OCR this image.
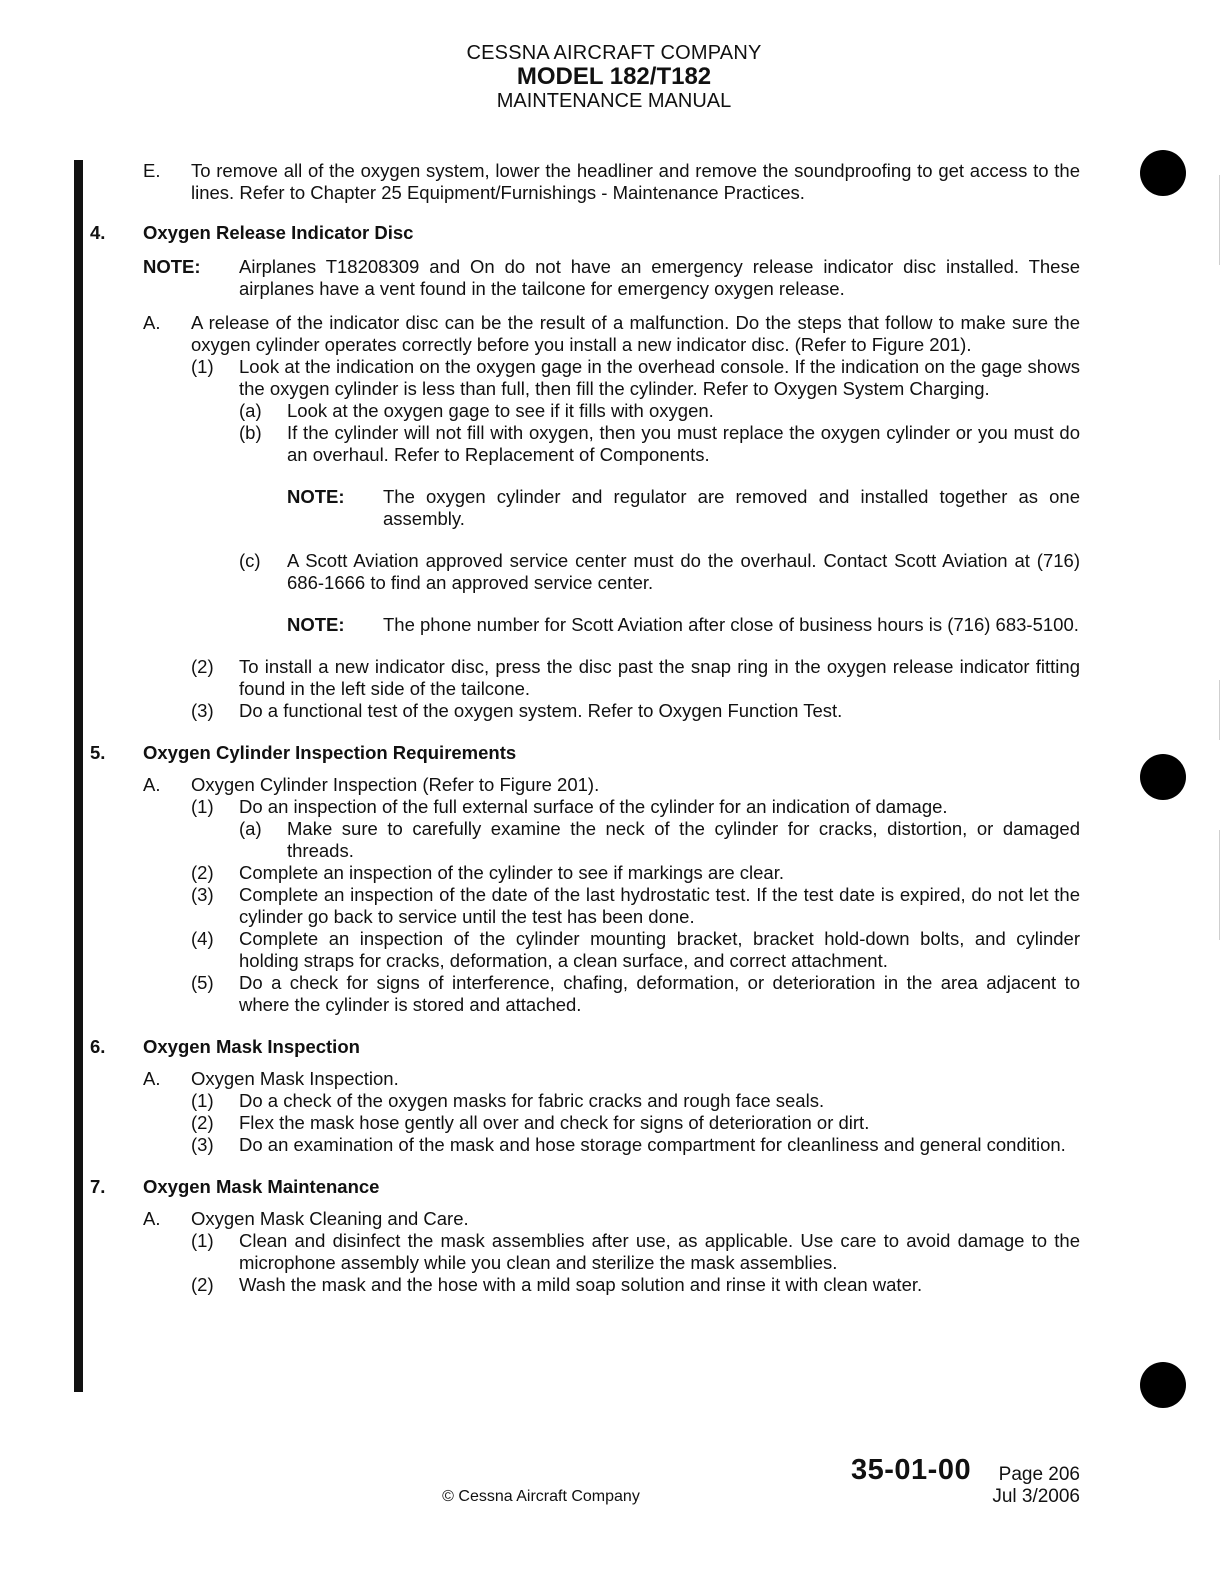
CESSNA AIRCRAFT COMPANY
MODEL 182/T182
MAINTENANCE MANUAL
E.	To remove all of the oxygen system, lower the headliner and remove the soundproofing to get access to the lines. Refer to Chapter 25 Equipment/Furnishings - Maintenance Practices.
4.	Oxygen Release Indicator Disc
NOTE:	Airplanes T18208309 and On do not have an emergency release indicator disc installed. These airplanes have a vent found in the tailcone for emergency oxygen release.
A.	A release of the indicator disc can be the result of a malfunction. Do the steps that follow to make sure the oxygen cylinder operates correctly before you install a new indicator disc. (Refer to Figure 201).
(1)	Look at the indication on the oxygen gage in the overhead console. If the indication on the gage shows the oxygen cylinder is less than full, then fill the cylinder. Refer to Oxygen System Charging.
(a)	Look at the oxygen gage to see if it fills with oxygen.
(b)	If the cylinder will not fill with oxygen, then you must replace the oxygen cylinder or you must do an overhaul. Refer to Replacement of Components.
NOTE:	The oxygen cylinder and regulator are removed and installed together as one assembly.
(c)	A Scott Aviation approved service center must do the overhaul. Contact Scott Aviation at (716) 686-1666 to find an approved service center.
NOTE:	The phone number for Scott Aviation after close of business hours is (716) 683-5100.
(2)	To install a new indicator disc, press the disc past the snap ring in the oxygen release indicator fitting found in the left side of the tailcone.
(3)	Do a functional test of the oxygen system. Refer to Oxygen Function Test.
5.	Oxygen Cylinder Inspection Requirements
A.	Oxygen Cylinder Inspection (Refer to Figure 201).
(1)	Do an inspection of the full external surface of the cylinder for an indication of damage.
(a)	Make sure to carefully examine the neck of the cylinder for cracks, distortion, or damaged threads.
(2)	Complete an inspection of the cylinder to see if markings are clear.
(3)	Complete an inspection of the date of the last hydrostatic test. If the test date is expired, do not let the cylinder go back to service until the test has been done.
(4)	Complete an inspection of the cylinder mounting bracket, bracket hold-down bolts, and cylinder holding straps for cracks, deformation, a clean surface, and correct attachment.
(5)	Do a check for signs of interference, chafing, deformation, or deterioration in the area adjacent to where the cylinder is stored and attached.
6.	Oxygen Mask Inspection
A.	Oxygen Mask Inspection.
(1)	Do a check of the oxygen masks for fabric cracks and rough face seals.
(2)	Flex the mask hose gently all over and check for signs of deterioration or dirt.
(3)	Do an examination of the mask and hose storage compartment for cleanliness and general condition.
7.	Oxygen Mask Maintenance
A.	Oxygen Mask Cleaning and Care.
(1)	Clean and disinfect the mask assemblies after use, as applicable. Use care to avoid damage to the microphone assembly while you clean and sterilize the mask assemblies.
(2)	Wash the mask and the hose with a mild soap solution and rinse it with clean water.
35-01-00	Page 206
Jul 3/2006
© Cessna Aircraft Company
